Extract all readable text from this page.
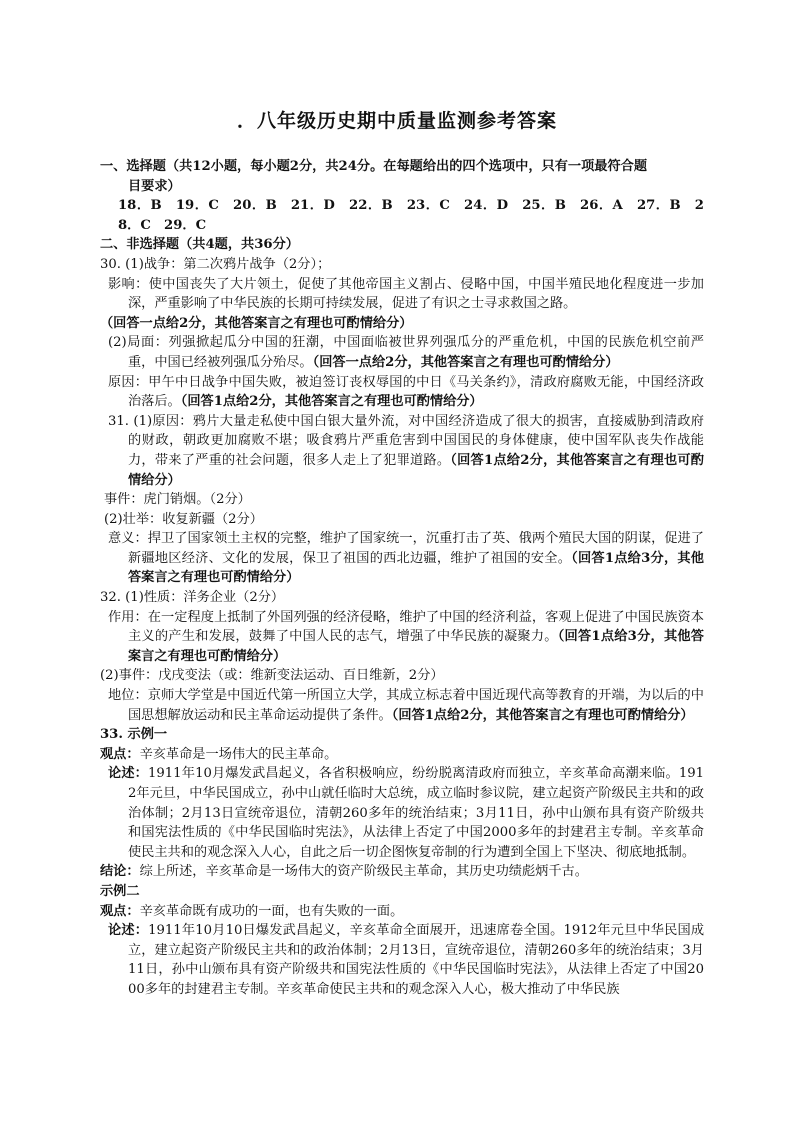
．八年级历史期中质量监测参考答案

一、选择题（共12小题，每小题2分，共24分。在每题给出的四个选项中，只有一项最符合题

目要求）

18．B　19．C　20．B　21．D　22．B　23．C　24．D　25．B　26．A　27．B　28．C　29．C

二、非选择题（共4题，共36分）

30. (1)战争：第二次鸦片战争（2分）；

影响：使中国丧失了大片领土，促使了其他帝国主义割占、侵略中国，中国半殖民地化程度进一步加深，严重影响了中华民族的长期可持续发展，促进了有识之士寻求救国之路。

（回答一点给2分，其他答案言之有理也可酌情给分）

(2)局面：列强掀起瓜分中国的狂潮，中国面临被世界列强瓜分的严重危机，中国的民族危机空前严重，中国已经被列强瓜分殆尽。（回答一点给2分，其他答案言之有理也可酌情给分）

原因：甲午中日战争中国失败，被迫签订丧权辱国的中日《马关条约》，清政府腐败无能，中国经济政治落后。（回答1点给2分，其他答案言之有理也可酌情给分）

31. (1)原因：鸦片大量走私使中国白银大量外流，对中国经济造成了很大的损害，直接威胁到清政府的财政，朝政更加腐败不堪；吸食鸦片严重危害到中国国民的身体健康，使中国军队丧失作战能力，带来了严重的社会问题，很多人走上了犯罪道路。（回答1点给2分，其他答案言之有理也可酌情给分）

事件：虎门销烟。（2分）

(2)壮举：收复新疆（2分）

意义：捍卫了国家领土主权的完整，维护了国家统一，沉重打击了英、俄两个殖民大国的阴谋，促进了新疆地区经济、文化的发展，保卫了祖国的西北边疆，维护了祖国的安全。（回答1点给3分，其他答案言之有理也可酌情给分）

32. (1)性质：洋务企业（2分）

作用：在一定程度上抵制了外国列强的经济侵略，维护了中国的经济利益，客观上促进了中国民族资本主义的产生和发展，鼓舞了中国人民的志气，增强了中华民族的凝聚力。（回答1点给3分，其他答案言之有理也可酌情给分）

(2)事件：戊戌变法（或：维新变法运动、百日维新，2分）

地位：京师大学堂是中国近代第一所国立大学，其成立标志着中国近现代高等教育的开端，为以后的中国思想解放运动和民主革命运动提供了条件。（回答1点给2分，其他答案言之有理也可酌情给分）

33. 示例一

观点：辛亥革命是一场伟大的民主革命。

论述：1911年10月爆发武昌起义，各省积极响应，纷纷脱离清政府而独立，辛亥革命高潮来临。1912年元旦，中华民国成立，孙中山就任临时大总统，成立临时参议院，建立起资产阶级民主共和的政治体制；2月13日宣统帝退位，清朝260多年的统治结束；3月11日，孙中山颁布具有资产阶级共和国宪法性质的《中华民国临时宪法》，从法律上否定了中国2000多年的封建君主专制。辛亥革命使民主共和的观念深入人心，自此之后一切企图恢复帝制的行为遭到全国上下坚决、彻底地抵制。

结论：综上所述，辛亥革命是一场伟大的资产阶级民主革命，其历史功绩彪炳千古。

示例二

观点：辛亥革命既有成功的一面，也有失败的一面。

论述：1911年10月10日爆发武昌起义，辛亥革命全面展开，迅速席卷全国。1912年元旦中华民国成立，建立起资产阶级民主共和的政治体制；2月13日，宣统帝退位，清朝260多年的统治结束；3月11日，孙中山颁布具有资产阶级共和国宪法性质的《中华民国临时宪法》，从法律上否定了中国2000多年的封建君主专制。辛亥革命使民主共和的观念深入人心，极大推动了中华民族
